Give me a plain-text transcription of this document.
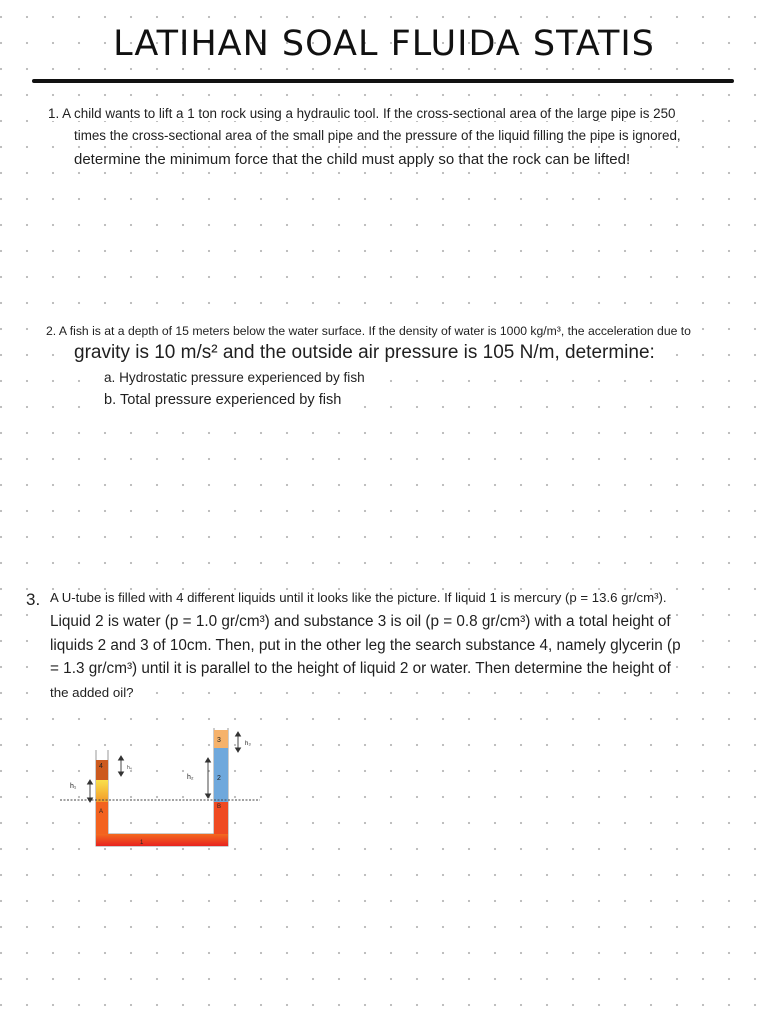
LATIHAN SOAL FLUIDA STATIS

1. A child wants to lift a 1 ton rock using a hydraulic tool. If the cross-sectional area of the large pipe is 250

times the cross-sectional area of the small pipe and the pressure of the liquid filling the pipe is ignored,

determine the minimum force that the child must apply so that the rock can be lifted!

2. A fish is at a depth of 15 meters below the water surface. If the density of water is 1000 kg/m³, the acceleration due to

gravity is 10 m/s² and the outside air pressure is 105 N/m, determine:

a. Hydrostatic pressure experienced by fish

b. Total pressure experienced by fish

3. A U-tube is filled with 4 different liquids until it looks like the picture. If liquid 1 is mercury (p = 13.6 gr/cm³).

Liquid 2 is water (p = 1.0 gr/cm³) and substance 3 is oil (p = 0.8 gr/cm³) with a total height of

liquids 2 and 3 of 10cm. Then, put in the other leg the search substance 4, namely glycerin (p

= 1.3 gr/cm³) until it is parallel to the height of liquid 2 or water. Then determine the height of

the added oil?

4
A
1
2
3
B
h₁
h₂
h₃
h₄
